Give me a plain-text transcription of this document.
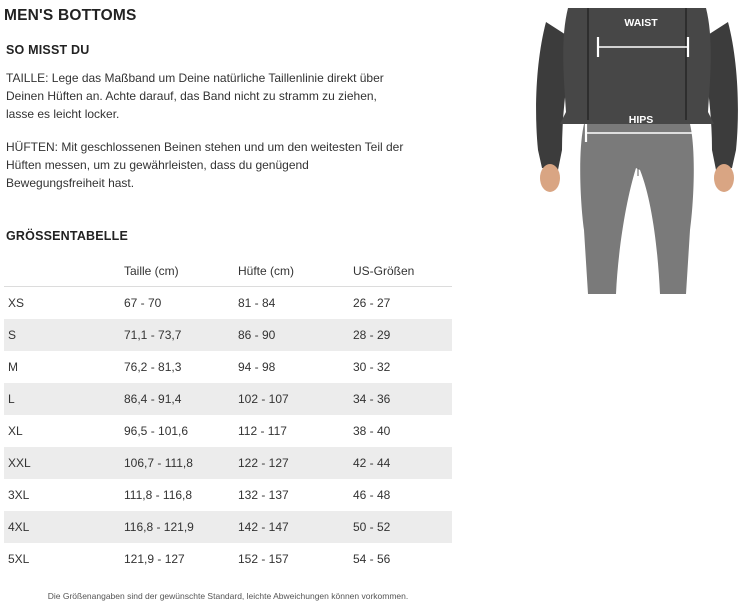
MEN'S BOTTOMS
SO MISST DU
TAILLE: Lege das Maßband um Deine natürliche Taillenlinie direkt über Deinen Hüften an. Achte darauf, das Band nicht zu stramm zu ziehen, lasse es leicht locker.
HÜFTEN: Mit geschlossenen Beinen stehen und um den weitesten Teil der Hüften messen, um zu gewährleisten, dass du genügend Bewegungsfreiheit hast.
GRÖSSENTABELLE
	Taille (cm)	Hüfte (cm)	US-Größen
XS	67 - 70	81 - 84	26 - 27
S	71,1 - 73,7	86 - 90	28 - 29
M	76,2 - 81,3	94 - 98	30 - 32
L	86,4 - 91,4	102 - 107	34 - 36
XL	96,5 - 101,6	112 - 117	38 - 40
XXL	106,7 - 111,8	122 - 127	42 - 44
3XL	111,8 - 116,8	132 - 137	46 - 48
4XL	116,8 - 121,9	142 - 147	50 - 52
5XL	121,9 - 127	152 - 157	54 - 56
Die Größenangaben sind der gewünschte Standard, leichte Abweichungen können vorkommen.
WAIST
HIPS
